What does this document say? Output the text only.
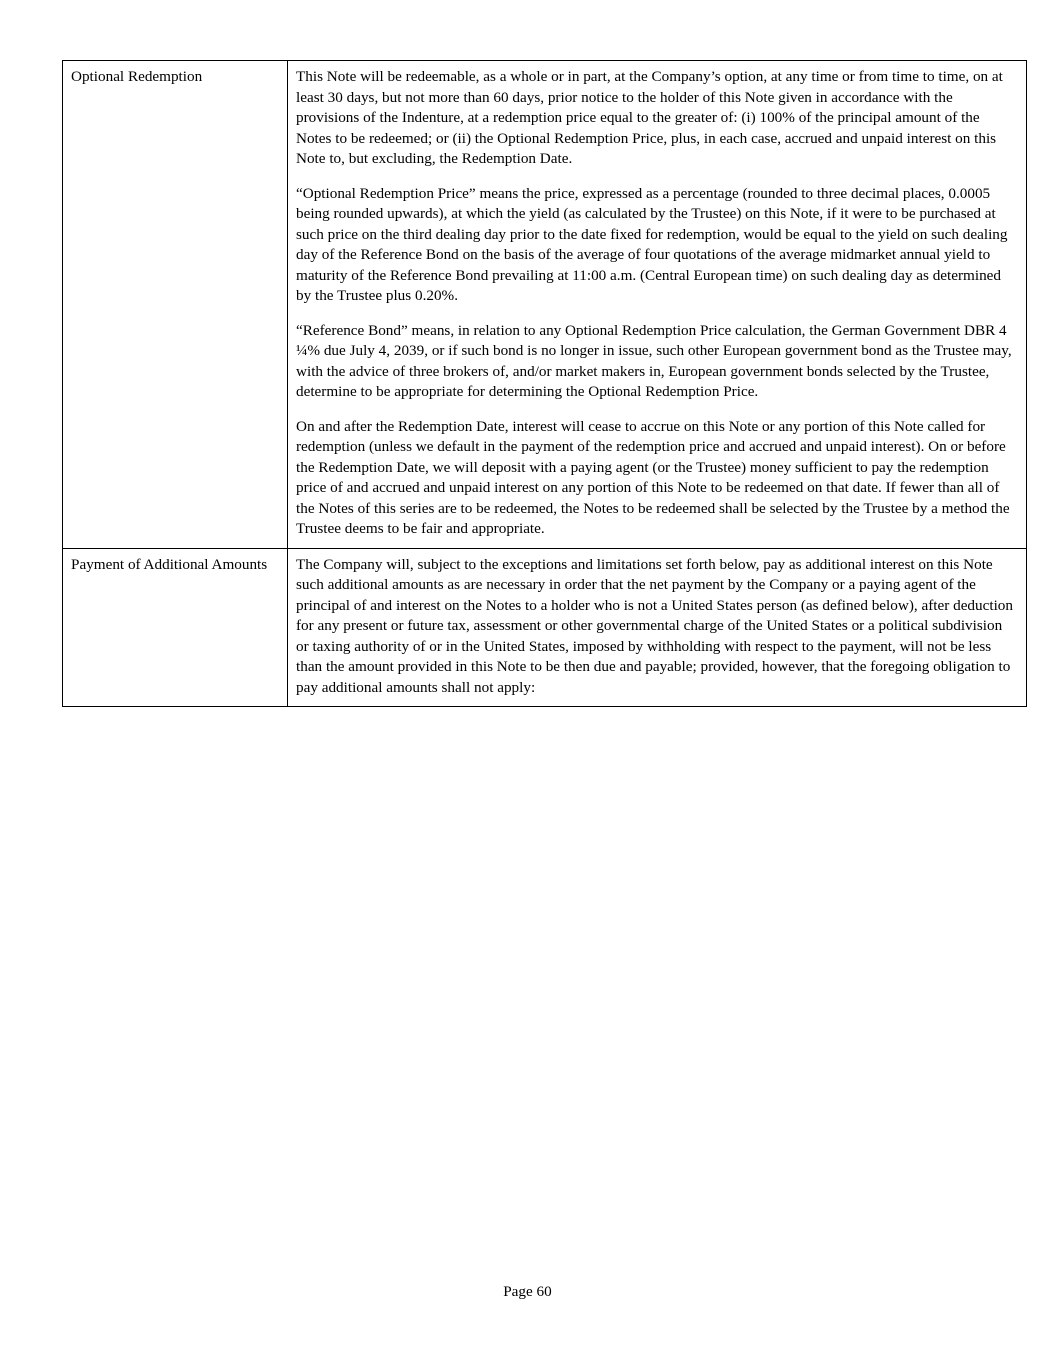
Optional Redemption	This Note will be redeemable, as a whole or in part, at the Company’s option, at any time or from time to time, on at least 30 days, but not more than 60 days, prior notice to the holder of this Note given in accordance with the provisions of the Indenture, at a redemption price equal to the greater of: (i) 100% of the principal amount of the Notes to be redeemed; or (ii) the Optional Redemption Price, plus, in each case, accrued and unpaid interest on this Note to, but excluding, the Redemption Date.

“Optional Redemption Price” means the price, expressed as a percentage (rounded to three decimal places, 0.0005 being rounded upwards), at which the yield (as calculated by the Trustee) on this Note, if it were to be purchased at such price on the third dealing day prior to the date fixed for redemption, would be equal to the yield on such dealing day of the Reference Bond on the basis of the average of four quotations of the average midmarket annual yield to maturity of the Reference Bond prevailing at 11:00 a.m. (Central European time) on such dealing day as determined by the Trustee plus 0.20%.

“Reference Bond” means, in relation to any Optional Redemption Price calculation, the German Government DBR 4 ¼% due July 4, 2039, or if such bond is no longer in issue, such other European government bond as the Trustee may, with the advice of three brokers of, and/or market makers in, European government bonds selected by the Trustee, determine to be appropriate for determining the Optional Redemption Price.

On and after the Redemption Date, interest will cease to accrue on this Note or any portion of this Note called for redemption (unless we default in the payment of the redemption price and accrued and unpaid interest). On or before the Redemption Date, we will deposit with a paying agent (or the Trustee) money sufficient to pay the redemption price of and accrued and unpaid interest on any portion of this Note to be redeemed on that date. If fewer than all of the Notes of this series are to be redeemed, the Notes to be redeemed shall be selected by the Trustee by a method the Trustee deems to be fair and appropriate.

Payment of Additional Amounts	The Company will, subject to the exceptions and limitations set forth below, pay as additional interest on this Note such additional amounts as are necessary in order that the net payment by the Company or a paying agent of the principal of and interest on the Notes to a holder who is not a United States person (as defined below), after deduction for any present or future tax, assessment or other governmental charge of the United States or a political subdivision or taxing authority of or in the United States, imposed by withholding with respect to the payment, will not be less than the amount provided in this Note to be then due and payable; provided, however, that the foregoing obligation to pay additional amounts shall not apply:

Page 60
